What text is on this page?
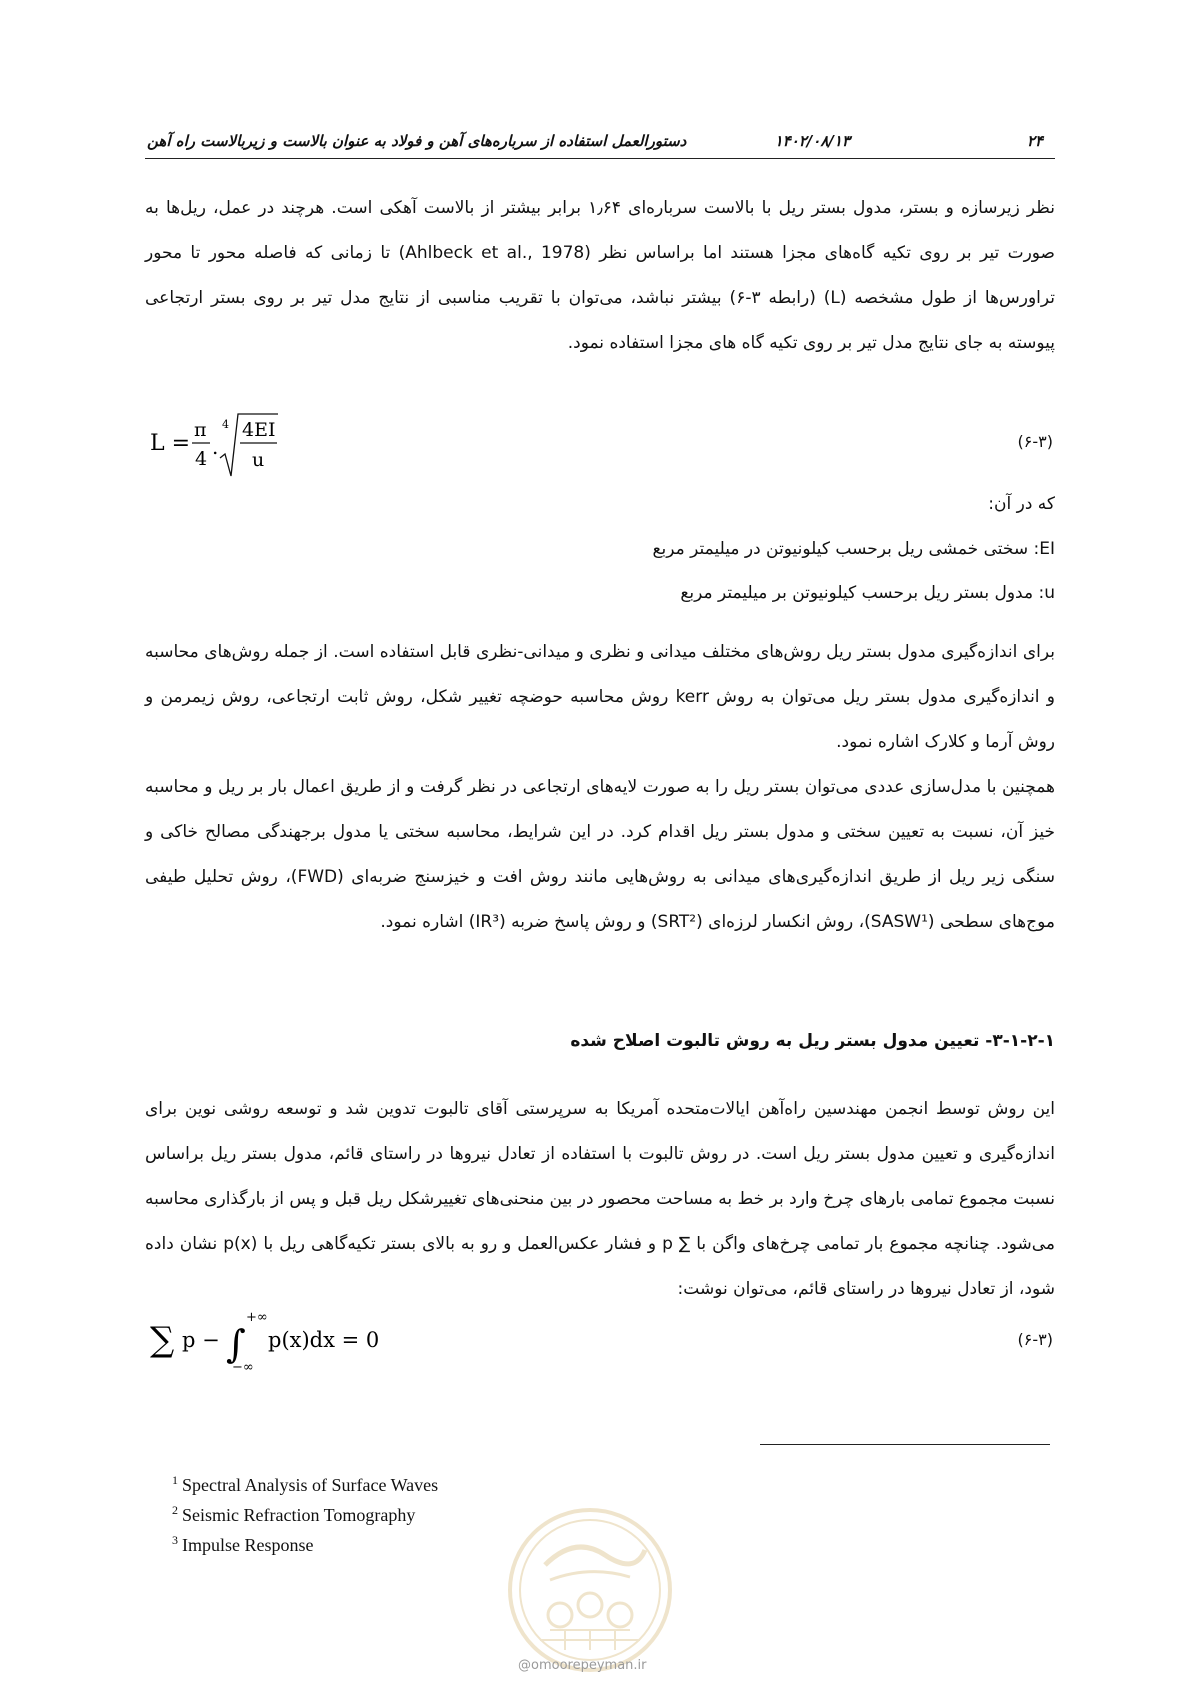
۲۴
۱۴۰۲/۰۸/۱۳
دستورالعمل استفاده از سرباره‌های آهن و فولاد به عنوان بالاست و زیربالاست راه آهن
نظر زیرسازه و بستر، مدول بستر ریل با بالاست سرباره‌ای ۱٫۶۴ برابر بیشتر از بالاست آهکی است. هرچند در عمل، ریل‌ها به صورت تیر بر روی تکیه گاه‌های مجزا هستند اما براساس نظر (Ahlbeck et al., 1978) تا زمانی که فاصله محور تا محور تراورس‌ها از طول مشخصه (L) (رابطه ۳-۶) بیشتر نباشد، می‌توان با تقریب مناسبی از نتایج مدل تیر بر روی بستر ارتجاعی پیوسته به جای نتایج مدل تیر بر روی تکیه گاه های مجزا استفاده نمود.
L =
π
4 .
4 4EI
u
(۶-۳)
که در آن:
EI: سختی خمشی ریل برحسب کیلونیوتن در میلیمتر مربع
u: مدول بستر ریل برحسب کیلونیوتن بر میلیمتر مربع
برای اندازه‌گیری مدول بستر ریل روش‌های مختلف میدانی و نظری و میدانی-نظری قابل استفاده است. از جمله روش‌های محاسبه و اندازه‌گیری مدول بستر ریل می‌توان به روش kerr روش محاسبه حوضچه تغییر شکل، روش ثابت ارتجاعی، روش زیمرمن و روش آرما و کلارک اشاره نمود.
همچنین با مدل‌سازی عددی می‌توان بستر ریل را به صورت لایه‌های ارتجاعی در نظر گرفت و از طریق اعمال بار بر ریل و محاسبه خیز آن، نسبت به تعیین سختی و مدول بستر ریل اقدام کرد. در این شرایط، محاسبه سختی یا مدول برجهندگی مصالح خاکی و سنگی زیر ریل از طریق اندازه‌گیری‌های میدانی به روش‌هایی مانند روش افت و خیزسنج ضربه‌ای (FWD)، روش تحلیل طیفی موج‌های سطحی (SASW¹)، روش انکسار لرزه‌ای (SRT²) و روش پاسخ ضربه (IR³) اشاره نمود.
۳-۱-۲-۱- تعیین مدول بستر ریل به روش تالبوت اصلاح شده
این روش توسط انجمن مهندسین راه‌آهن ایالات‌متحده آمریکا به سرپرستی آقای تالبوت تدوین شد و توسعه روشی نوین برای اندازه‌گیری و تعیین مدول بستر ریل است. در روش تالبوت با استفاده از تعادل نیروها در راستای قائم، مدول بستر ریل براساس نسبت مجموع تمامی بارهای چرخ وارد بر خط به مساحت محصور در بین منحنی‌های تغییرشکل ریل قبل و پس از بارگذاری محاسبه می‌شود. چنانچه مجموع بار تمامی چرخ‌های واگن با ∑ p و فشار عکس‌العمل و رو به بالای بستر تکیه‌گاهی ریل با p(x) نشان داده شود، از تعادل نیروها در راستای قائم، می‌توان نوشت:
∑ p − ∫
+∞
−∞
p(x)dx = 0	(۶-۳)
$^1$ Spectral Analysis of Surface Waves
$^2$ Seismic Refraction Tomography
$^3$ Impulse Response
@omoorepeyman.ir
